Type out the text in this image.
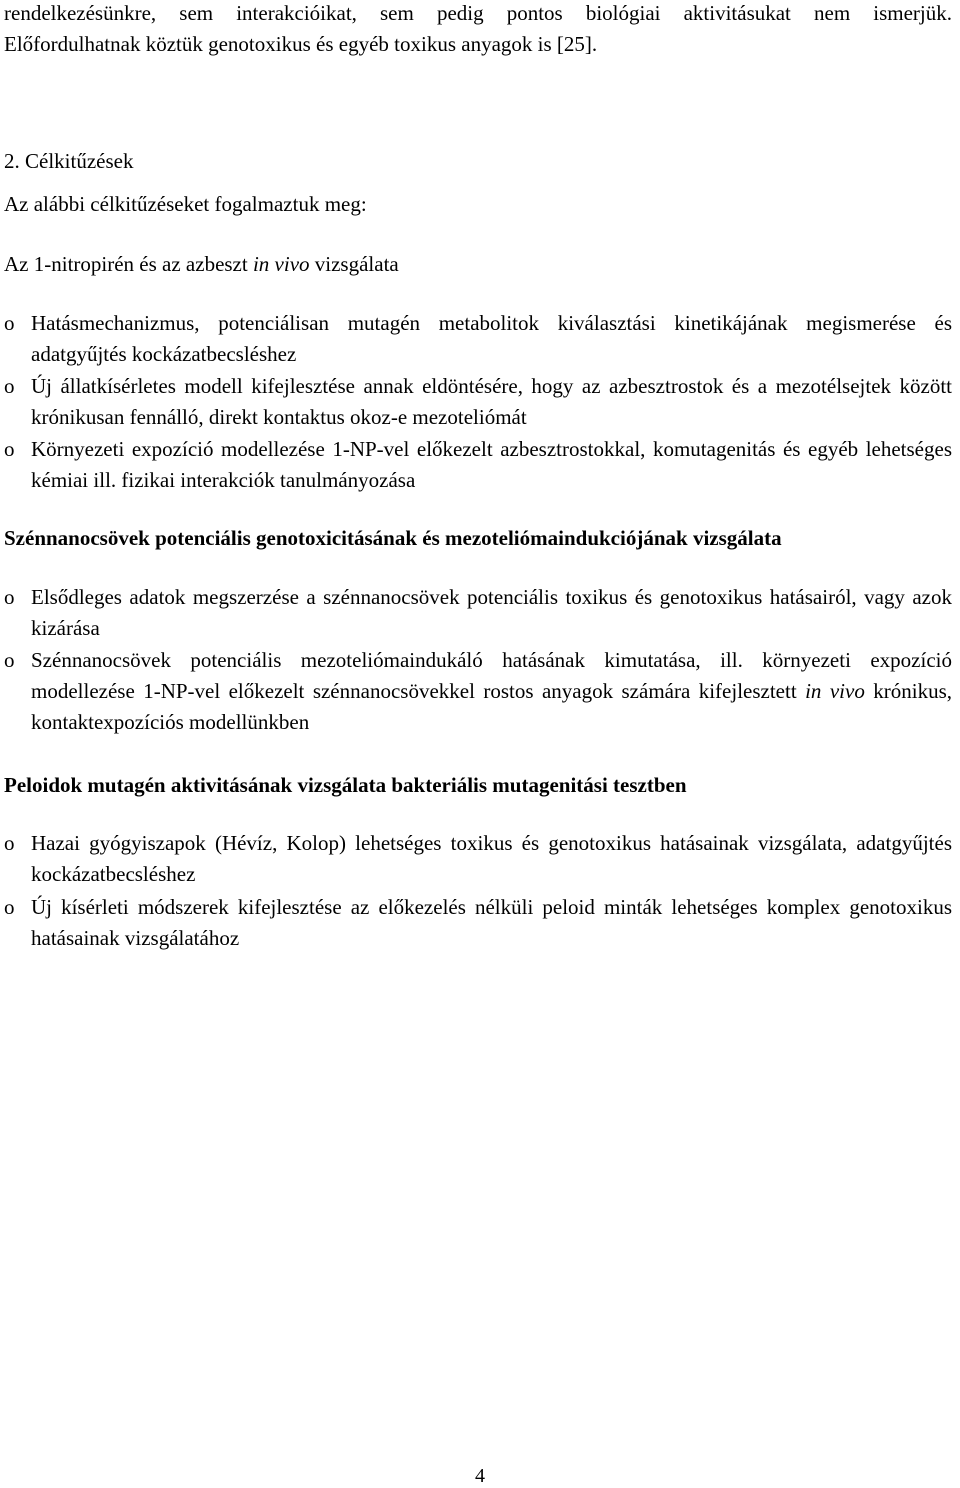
rendelkezésünkre, sem interakcióikat, sem pedig pontos biológiai aktivitásukat nem ismerjük.
Előfordulhatnak köztük genotoxikus és egyéb toxikus anyagok is [25].
2. Célkitűzések
Az alábbi célkitűzéseket fogalmaztuk meg:
Az 1-nitropirén és az azbeszt in vivo vizsgálata
o Hatásmechanizmus, potenciálisan mutagén metabolitok kiválasztási kinetikájának megismerése és adatgyűjtés kockázatbecsléshez
o Új állatkísérletes modell kifejlesztése annak eldöntésére, hogy az azbesztrostok és a mezotélsejtek között krónikusan fennálló, direkt kontaktus okoz-e mezoteliómát
o Környezeti expozíció modellezése 1-NP-vel előkezelt azbesztrostokkal, komutagenitás és egyéb lehetséges kémiai ill. fizikai interakciók tanulmányozása
Szénnanocsövek potenciális genotoxicitásának és mezoteliómaindukciójának vizsgálata
o Elsődleges adatok megszerzése a szénnanocsövek potenciális toxikus és genotoxikus hatásairól, vagy azok kizárása
o Szénnanocsövek potenciális mezoteliómaindukáló hatásának kimutatása, ill. környezeti expozíció modellezése 1-NP-vel előkezelt szénnanocsövekkel rostos anyagok számára kifejlesztett in vivo krónikus, kontaktexpozíciós modellünkben
Peloidok mutagén aktivitásának vizsgálata bakteriális mutagenitási tesztben
o Hazai gyógyiszapok (Hévíz, Kolop) lehetséges toxikus és genotoxikus hatásainak vizsgálata, adatgyűjtés kockázatbecsléshez
o Új kísérleti módszerek kifejlesztése az előkezelés nélküli peloid minták lehetséges komplex genotoxikus hatásainak vizsgálatához
4
